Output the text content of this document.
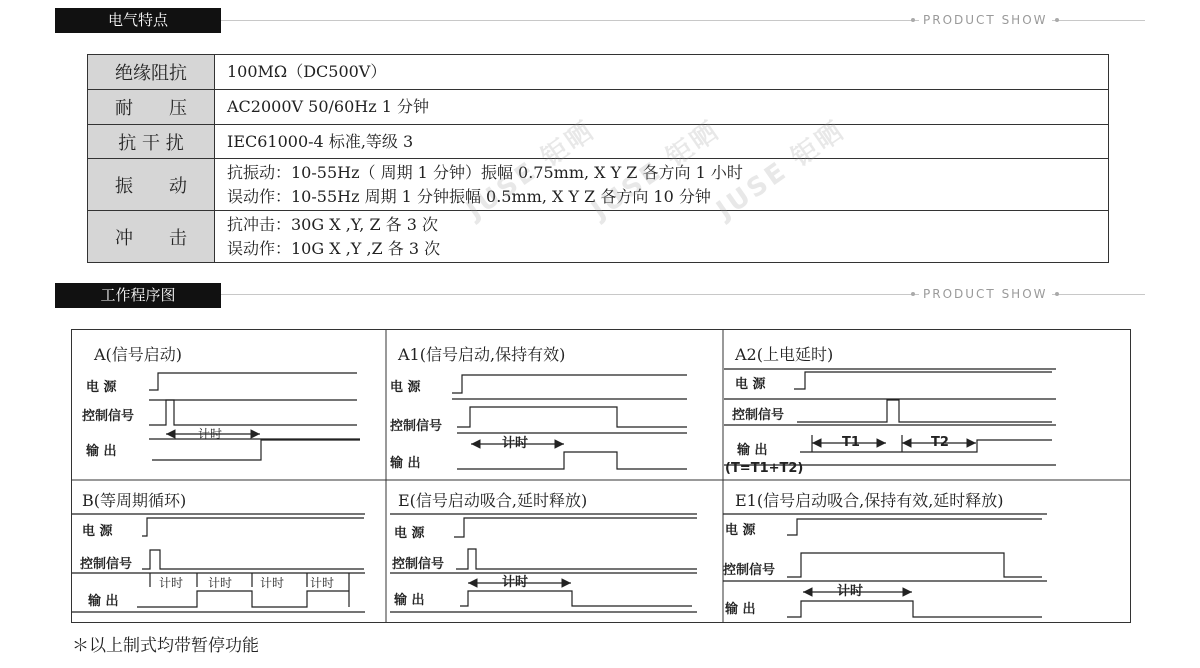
电气特点	PRODUCT SHOW
绝缘阻抗	100MΩ（DC500V）
耐　　压	AC2000V 50/60Hz 1 分钟
抗 干 扰	IEC61000-4 标准,等级 3
振　　动	抗振动：10-55Hz（ 周期 1 分钟）振幅 0.75mm, X Y Z 各方向 1 小时
误动作：10-55Hz 周期 1 分钟振幅 0.5mm, X Y Z 各方向 10 分钟

冲　　击	抗冲击：30G X ,Y, Z 各 3 次
误动作：10G X ,Y ,Z 各 3 次
JUSE 钜晒
JUSE 钜晒
JUSE 钜晒
工作程序图	PRODUCT SHOW
A(信号启动)
电 源
控制信号
输 出
计时
A1(信号启动,保持有效)
电 源
控制信号
输 出
计时
A2(上电延时)
电 源
控制信号
输 出
(T=T1+T2)
T1	T2
B(等周期循环)
电 源
控制信号
输 出
计时 计时 计时 计时
E(信号启动吸合,延时释放)
电 源
控制信号
输 出
计时
E1(信号启动吸合,保持有效,延时释放)
电 源
控制信号
输 出
计时
＊以上制式均带暂停功能
